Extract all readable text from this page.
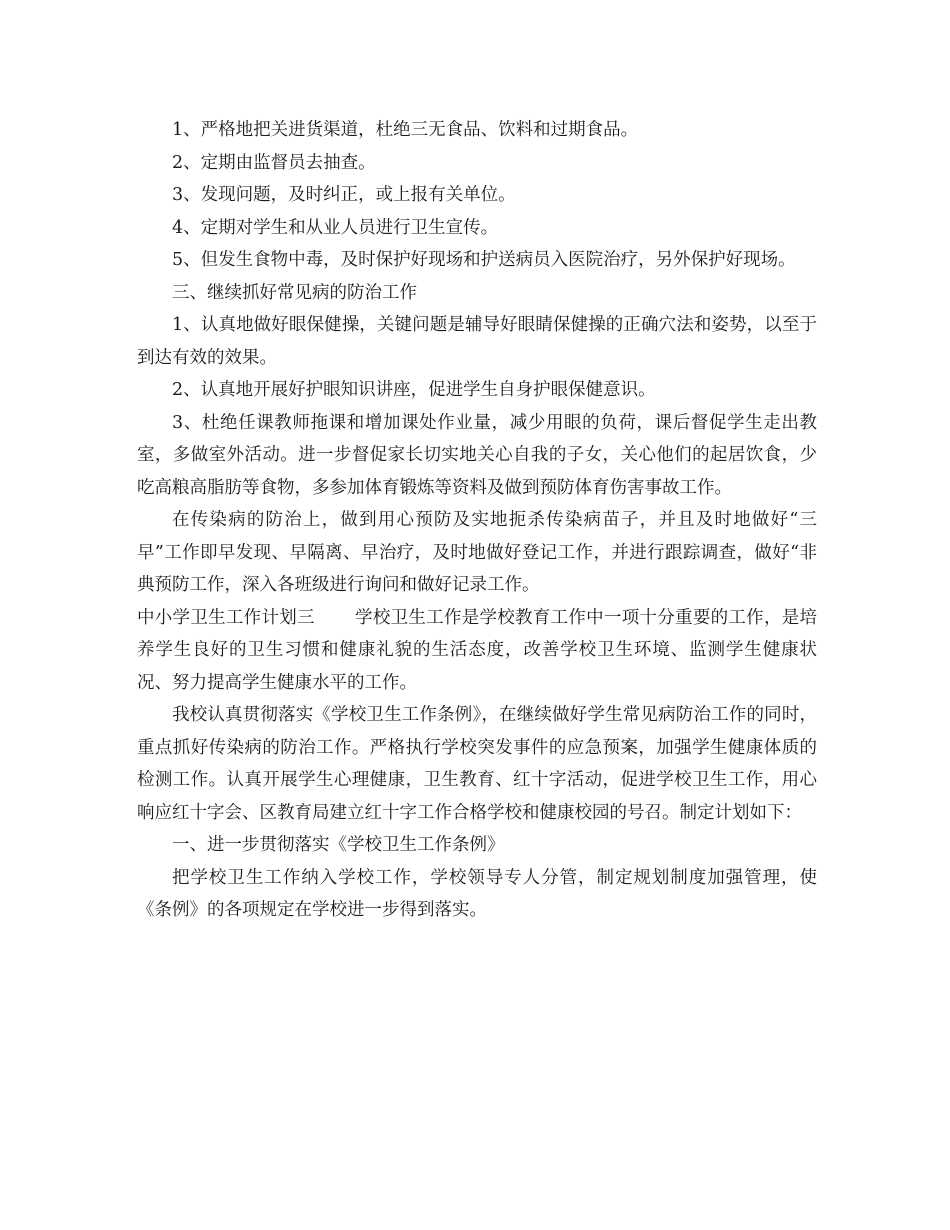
1、严格地把关进货渠道，杜绝三无食品、饮料和过期食品。

2、定期由监督员去抽查。

3、发现问题，及时纠正，或上报有关单位。

4、定期对学生和从业人员进行卫生宣传。

5、但发生食物中毒，及时保护好现场和护送病员入医院治疗，另外保护好现场。

三、继续抓好常见病的防治工作

1、认真地做好眼保健操，关键问题是辅导好眼睛保健操的正确穴法和姿势，以至于到达有效的效果。

2、认真地开展好护眼知识讲座，促进学生自身护眼保健意识。

3、杜绝任课教师拖课和增加课处作业量，减少用眼的负荷，课后督促学生走出教室，多做室外活动。进一步督促家长切实地关心自我的子女，关心他们的起居饮食，少吃高粮高脂肪等食物，多参加体育锻炼等资料及做到预防体育伤害事故工作。

在传染病的防治上，做到用心预防及实地扼杀传染病苗子，并且及时地做好“三早”工作即早发现、早隔离、早治疗，及时地做好登记工作，并进行跟踪调查，做好“非典预防工作，深入各班级进行询问和做好记录工作。

中小学卫生工作计划三 学校卫生工作是学校教育工作中一项十分重要的工作，是培养学生良好的卫生习惯和健康礼貌的生活态度，改善学校卫生环境、监测学生健康状况、努力提高学生健康水平的工作。

我校认真贯彻落实《学校卫生工作条例》，在继续做好学生常见病防治工作的同时，重点抓好传染病的防治工作。严格执行学校突发事件的应急预案，加强学生健康体质的检测工作。认真开展学生心理健康，卫生教育、红十字活动，促进学校卫生工作，用心响应红十字会、区教育局建立红十字工作合格学校和健康校园的号召。制定计划如下：

一、进一步贯彻落实《学校卫生工作条例》

把学校卫生工作纳入学校工作，学校领导专人分管，制定规划制度加强管理，使《条例》的各项规定在学校进一步得到落实。
